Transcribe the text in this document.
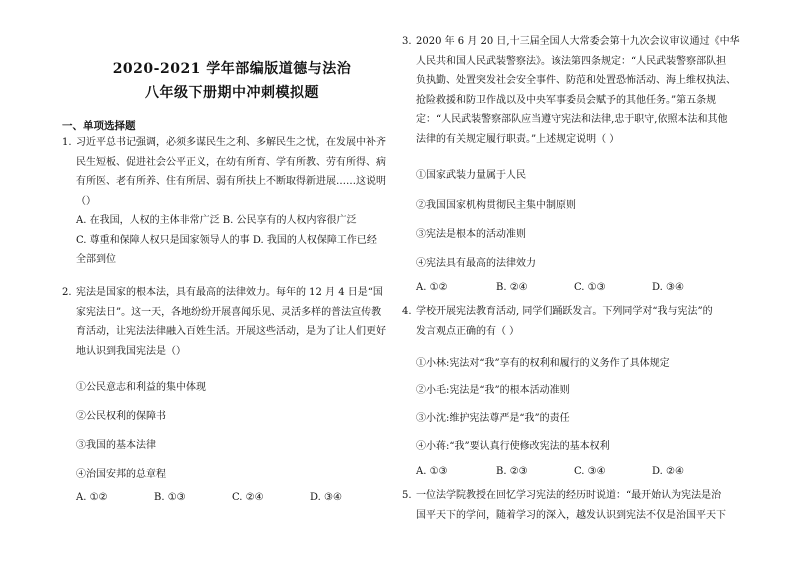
2020-2021 学年部编版道德与法治
八年级下册期中冲刺模拟题
一、单项选择题
1. 习近平总书记强调，必须多谋民生之利、多解民生之忧，在发展中补齐
民生短板、促进社会公平正义，在幼有所育、学有所教、劳有所得、病
有所医、老有所养、住有所居、弱有所扶上不断取得新进展……这说明
（）
A. 在我国，人权的主体非常广泛 B. 公民享有的人权内容很广泛
C. 尊重和保障人权只是国家领导人的事 D. 我国的人权保障工作已经
全部到位
2. 宪法是国家的根本法，具有最高的法律效力。每年的 12 月 4 日是“国
家宪法日”。这一天，各地纷纷开展喜闻乐见、灵活多样的普法宣传教
育活动，让宪法法律融入百姓生活。开展这些活动，是为了让人们更好
地认识到我国宪法是（）
①公民意志和利益的集中体现
②公民权利的保障书
③我国的基本法律
④治国安邦的总章程
A. ①②	B. ①③	C. ②④	D. ③④
3. 2020 年 6 月 20 日,十三届全国人大常委会第十九次会议审议通过《中华
人民共和国人民武装警察法》。该法第四条规定：“人民武装警察部队担
负执勤、处置突发社会安全事件、防范和处置恐怖活动、海上维权执法、
抢险救援和防卫作战以及中央军事委员会赋予的其他任务。”第五条规
定：“人民武装警察部队应当遵守宪法和法律,忠于职守,依照本法和其他
法律的有关规定履行职责。”上述规定说明（ ）
①国家武装力量属于人民
②我国国家机构贯彻民主集中制原则
③宪法是根本的活动准则
④宪法具有最高的法律效力
A. ①②	B. ②④	C. ①③	D. ③④
4. 学校开展宪法教育活动, 同学们踊跃发言。下列同学对“我与宪法”的
发言观点正确的有（ ）
①小林:宪法对“我”享有的权利和履行的义务作了具体规定
②小毛:宪法是“我”的根本活动准则
③小沈:维护宪法尊严是“我”的责任
④小蒋:“我”要认真行使修改宪法的基本权利
A. ①③	B. ②③	C. ③④	D. ②④
5. 一位法学院教授在回忆学习宪法的经历时说道：“最开始认为宪法是治
国平天下的学问，随着学习的深入，越发认识到宪法不仅是治国平天下
